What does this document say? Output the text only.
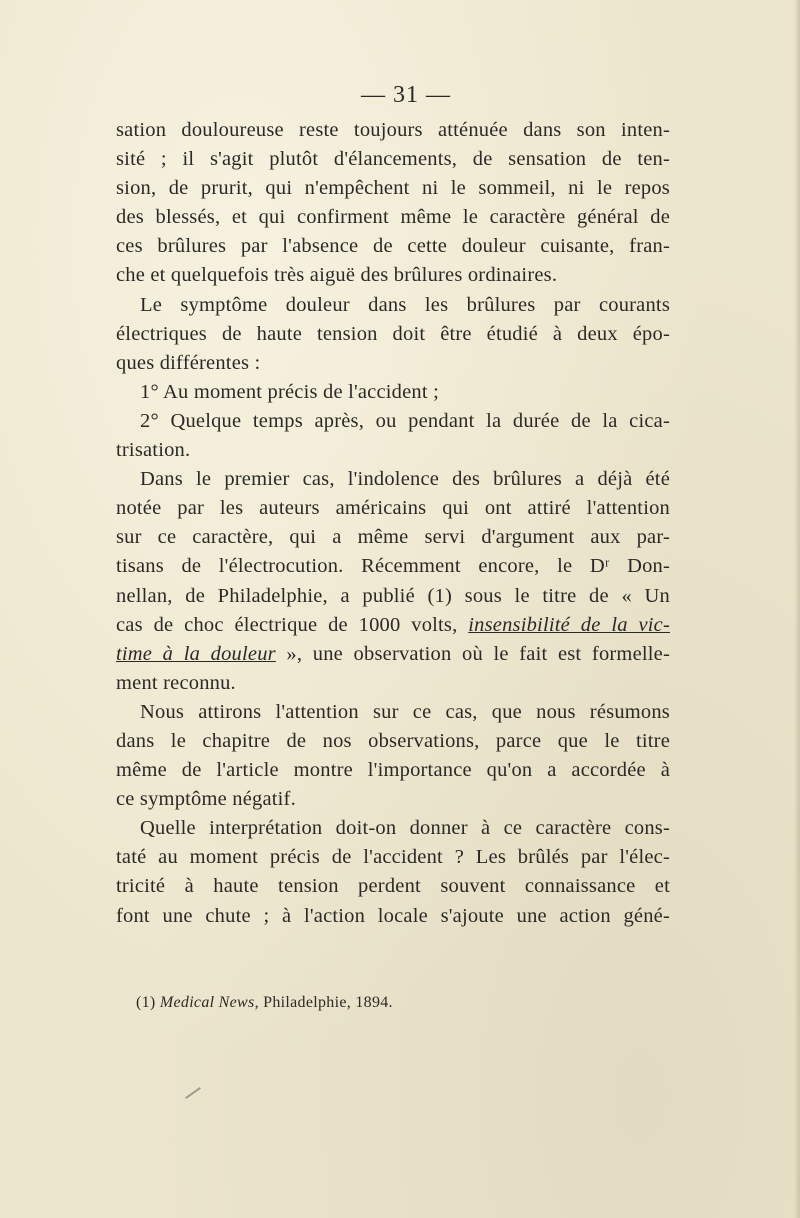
— 31 —
sation douloureuse reste toujours atténuée dans son inten-
sité ; il s'agit plutôt d'élancements, de sensation de ten-
sion, de prurit, qui n'empêchent ni le sommeil, ni le repos
des blessés, et qui confirment même le caractère général de
ces brûlures par l'absence de cette douleur cuisante, fran-
che et quelquefois très aiguë des brûlures ordinaires.
Le symptôme douleur dans les brûlures par courants
électriques de haute tension doit être étudié à deux épo-
ques différentes :
1° Au moment précis de l'accident ;
2° Quelque temps après, ou pendant la durée de la cica-
trisation.
Dans le premier cas, l'indolence des brûlures a déjà été
notée par les auteurs américains qui ont attiré l'attention
sur ce caractère, qui a même servi d'argument aux par-
tisans de l'électrocution. Récemment encore, le Dʳ Don-
nellan, de Philadelphie, a publié (1) sous le titre de « Un
cas de choc électrique de 1000 volts, insensibilité de la vic-
time à la douleur », une observation où le fait est formelle-
ment reconnu.
Nous attirons l'attention sur ce cas, que nous résumons
dans le chapitre de nos observations, parce que le titre
même de l'article montre l'importance qu'on a accordée à
ce symptôme négatif.
Quelle interprétation doit-on donner à ce caractère cons-
taté au moment précis de l'accident ? Les brûlés par l'élec-
tricité à haute tension perdent souvent connaissance et
font une chute ; à l'action locale s'ajoute une action géné-
(1) Medical News, Philadelphie, 1894.
